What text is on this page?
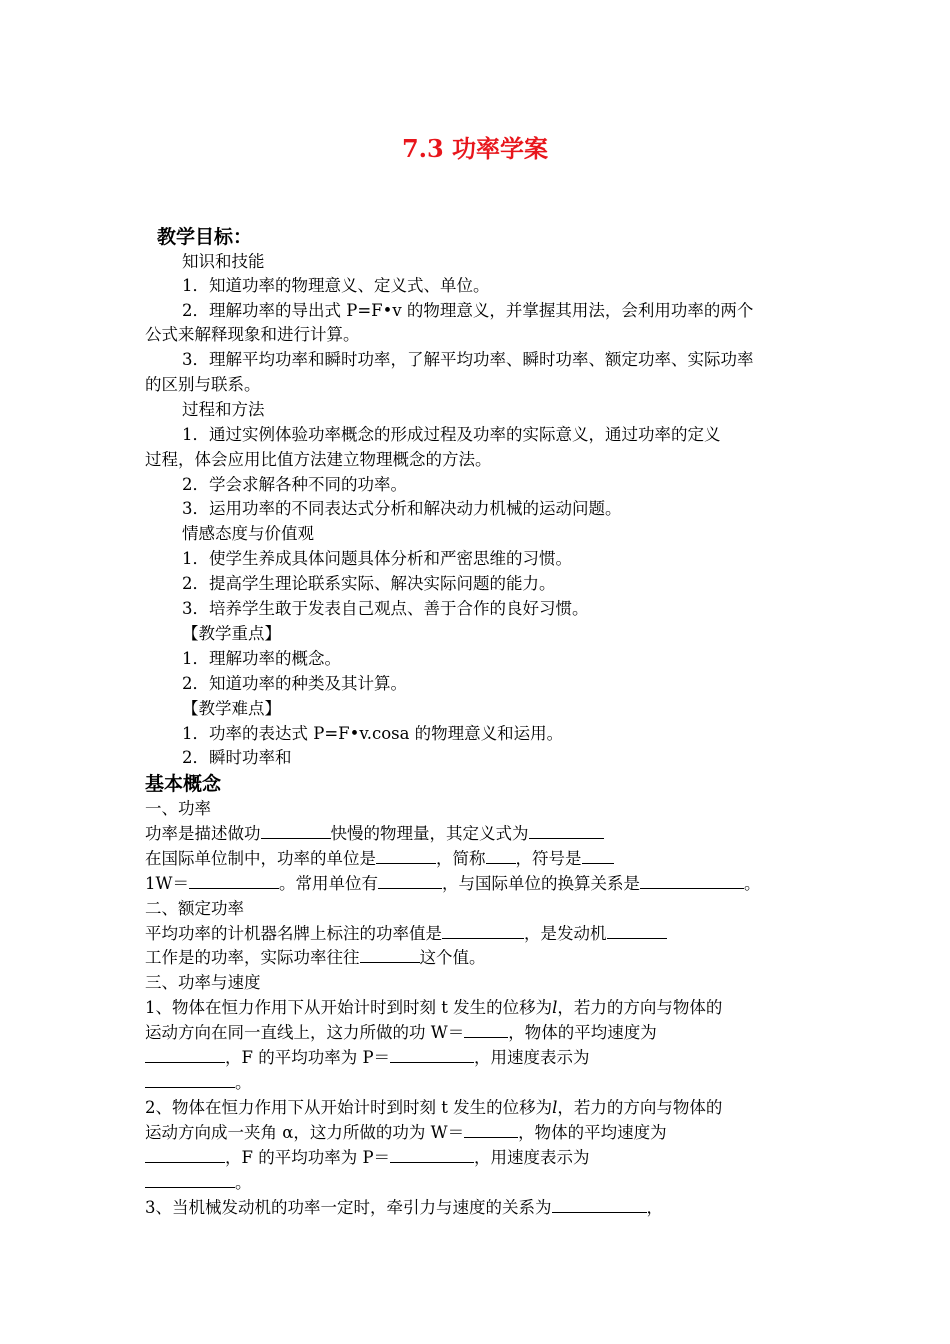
7.3 功率学案
教学目标：
知识和技能
1．知道功率的物理意义、定义式、单位。
2．理解功率的导出式 P=F•v 的物理意义，并掌握其用法，会利用功率的两个
公式来解释现象和进行计算。
3．理解平均功率和瞬时功率，了解平均功率、瞬时功率、额定功率、实际功率
的区别与联系。
过程和方法
1．通过实例体验功率概念的形成过程及功率的实际意义，通过功率的定义
过程，体会应用比值方法建立物理概念的方法。
2．学会求解各种不同的功率。
3．运用功率的不同表达式分析和解决动力机械的运动问题。
情感态度与价值观
1．使学生养成具体问题具体分析和严密思维的习惯。
2．提高学生理论联系实际、解决实际问题的能力。
3．培养学生敢于发表自己观点、善于合作的良好习惯。
【教学重点】
1．理解功率的概念。
2．知道功率的种类及其计算。
【教学难点】
1．功率的表达式 P=F•v.cosa 的物理意义和运用。
2．瞬时功率和
基本概念
一、功率
功率是描述做功	快慢的物理量，其定义式为
在国际单位制中，功率的单位是	，简称 ，符号是
1W＝	。常用单位有	，与国际单位的换算关系是	。
二、额定功率
平均功率的计机器名牌上标注的功率值是	，是发动机
工作是的功率，实际功率往往	这个值。
三、功率与速度
1、物体在恒力作用下从开始计时到时刻 t 发生的位移为l，若力的方向与物体的
运动方向在同一直线上，这力所做的功 W＝	，物体的平均速度为
，F 的平均功率为 P＝	，用速度表示为
。
2、物体在恒力作用下从开始计时到时刻 t 发生的位移为l，若力的方向与物体的
运动方向成一夹角 α，这力所做的功为 W＝	，物体的平均速度为
，F 的平均功率为 P＝	，用速度表示为
。
3、当机械发动机的功率一定时，牵引力与速度的关系为	，
